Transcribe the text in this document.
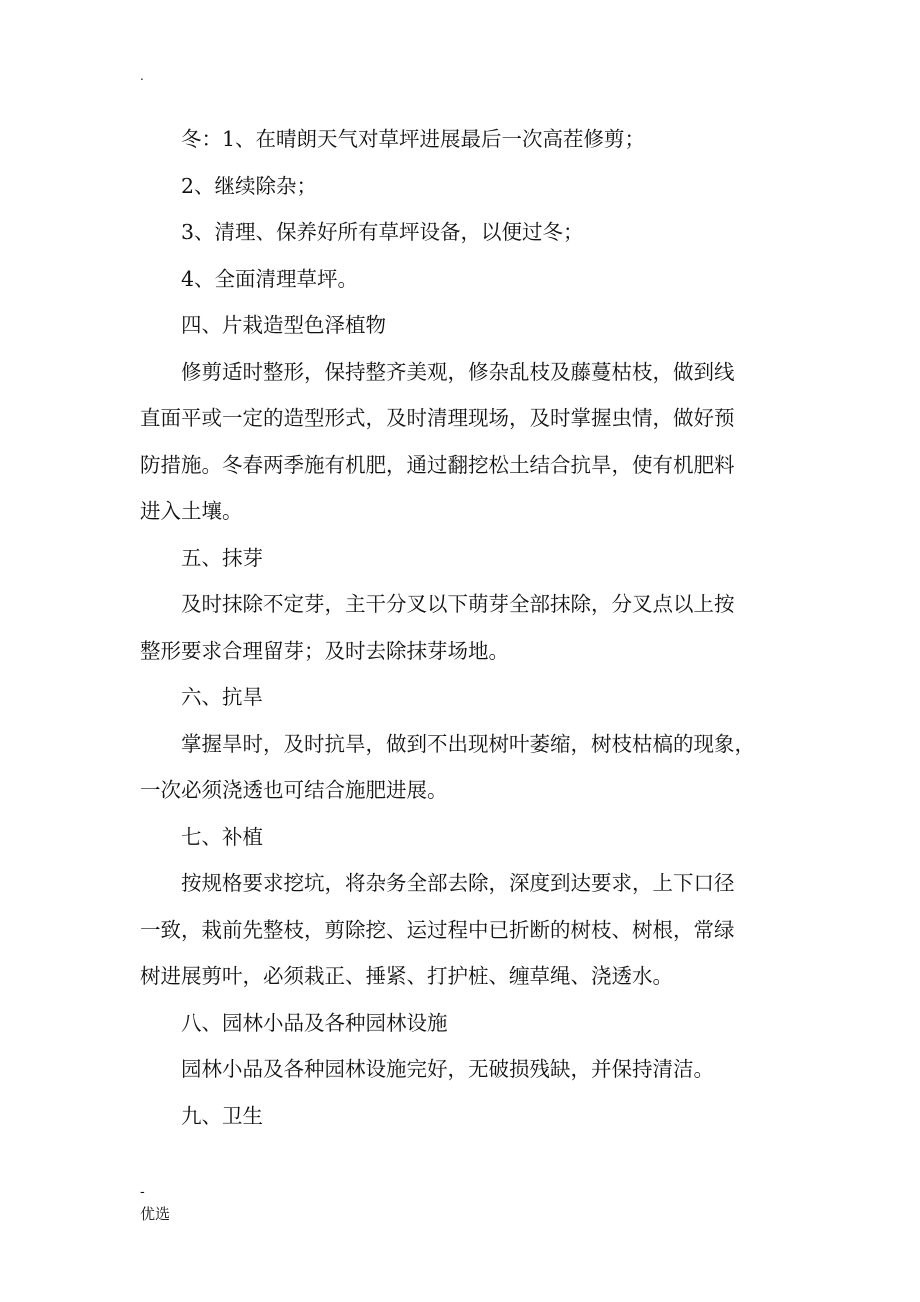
.

冬：1、在晴朗天气对草坪进展最后一次高茬修剪；

2、继续除杂；

3、清理、保养好所有草坪设备，以便过冬；

4、全面清理草坪。

四、片栽造型色泽植物

修剪适时整形，保持整齐美观，修杂乱枝及藤蔓枯枝，做到线

直面平或一定的造型形式，及时清理现场，及时掌握虫情，做好预

防措施。冬春两季施有机肥，通过翻挖松土结合抗旱，使有机肥料

进入土壤。

五、抹芽

及时抹除不定芽，主干分叉以下萌芽全部抹除，分叉点以上按

整形要求合理留芽；及时去除抹芽场地。

六、抗旱

掌握旱时，及时抗旱，做到不出现树叶萎缩，树枝枯槁的现象，

一次必须浇透也可结合施肥进展。

七、补植

按规格要求挖坑，将杂务全部去除，深度到达要求，上下口径

一致，栽前先整枝，剪除挖、运过程中已折断的树枝、树根，常绿

树进展剪叶，必须栽正、捶紧、打护桩、缠草绳、浇透水。

八、园林小品及各种园林设施

园林小品及各种园林设施完好，无破损残缺，并保持清洁。

九、卫生

-
优选
